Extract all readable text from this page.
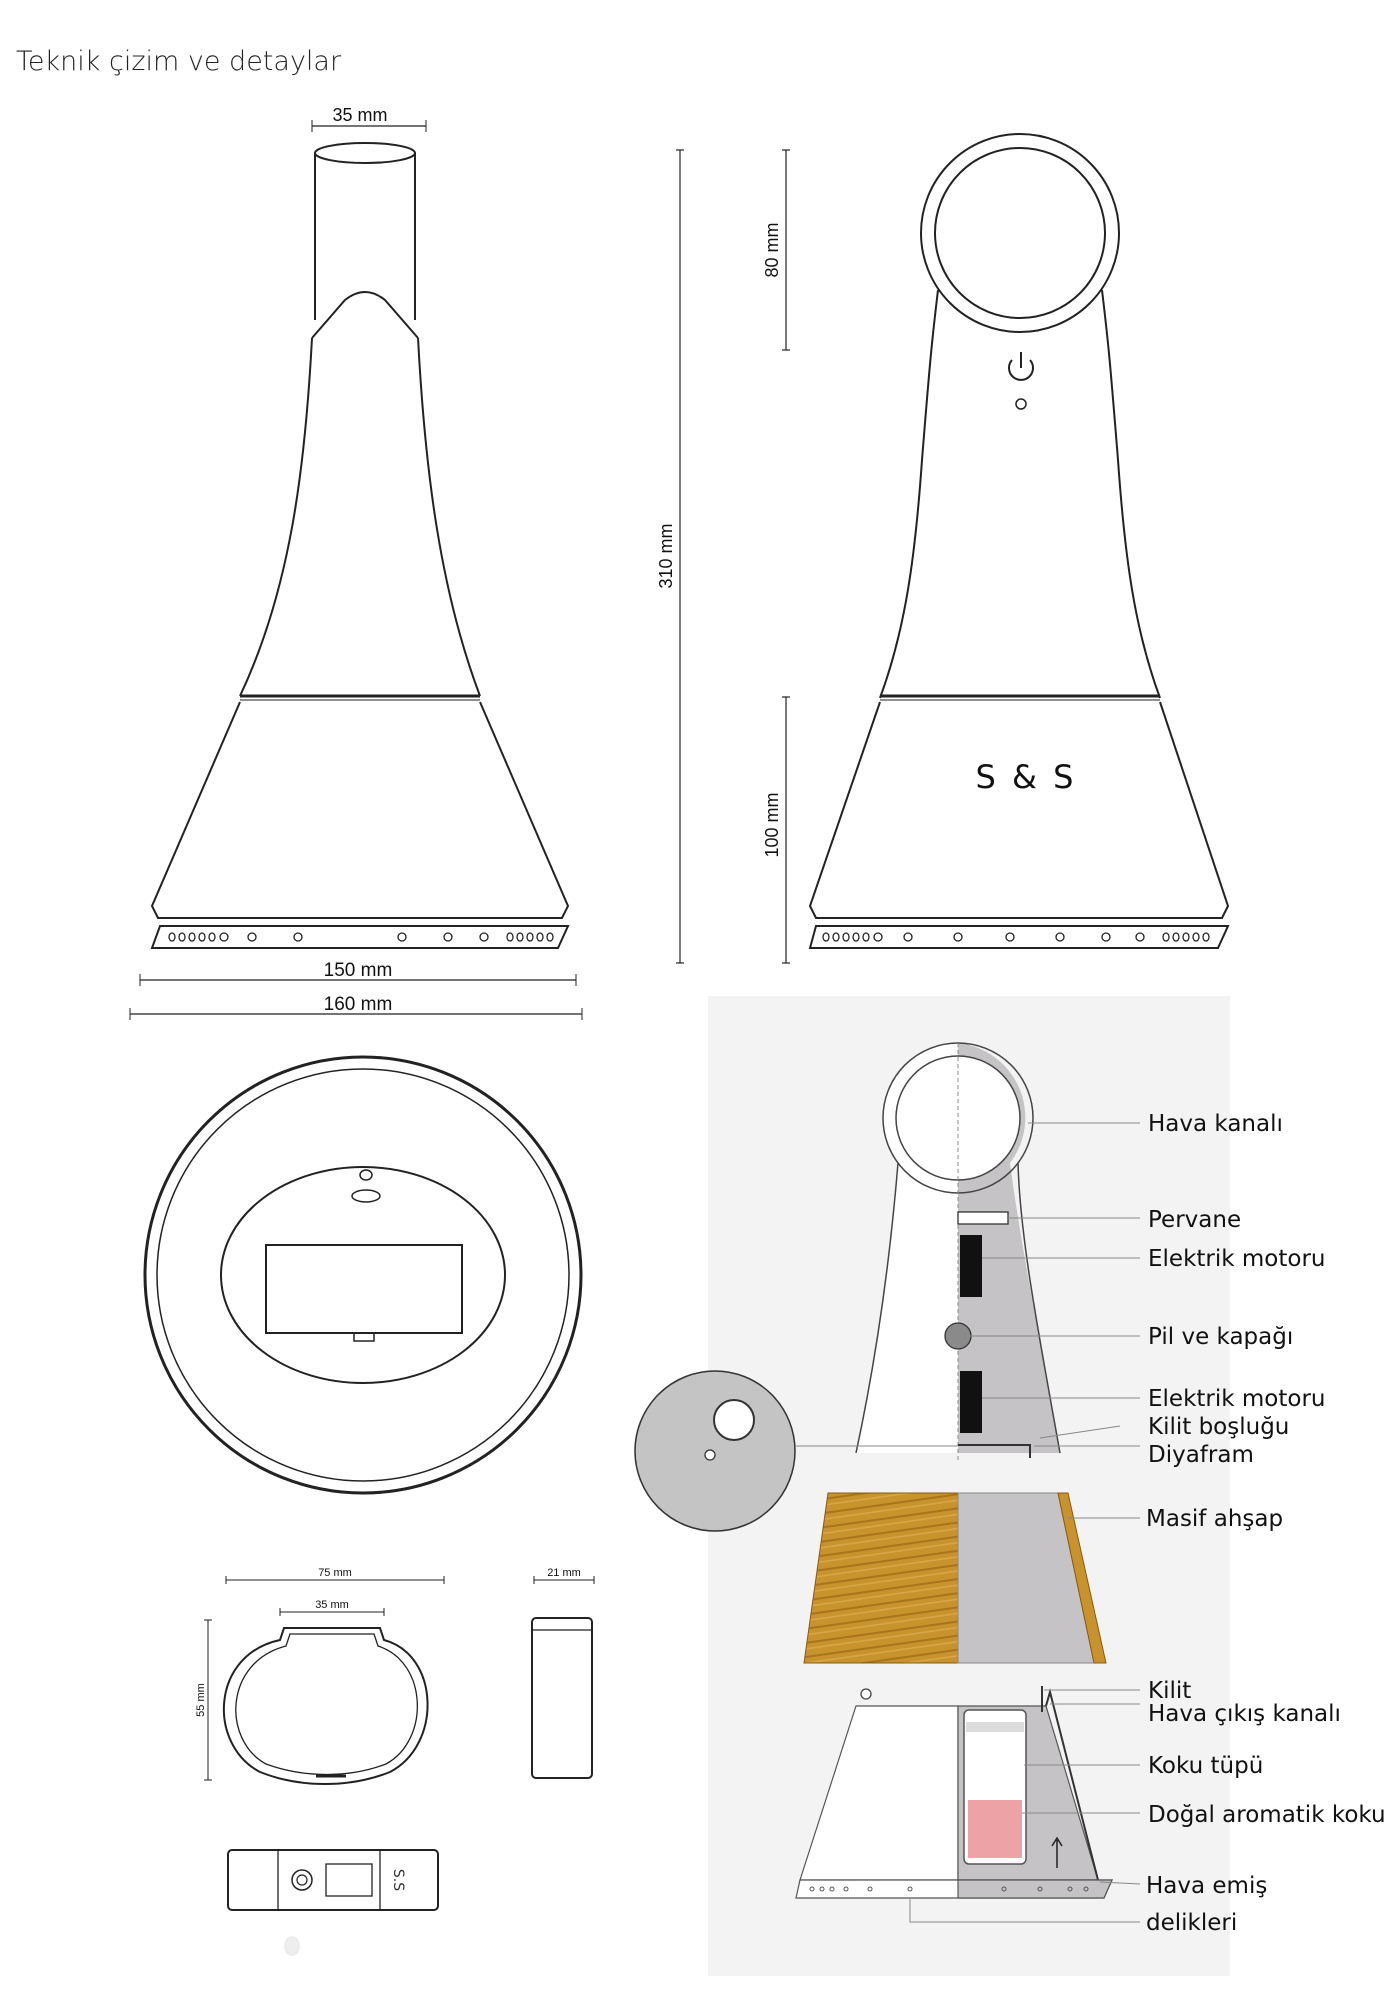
Teknik çizim ve detaylar
35 mm
150 mm
160 mm
310 mm
80 mm
100 mm
S & S
75 mm
35 mm
55 mm
21 mm
S.S
Hava kanalı
Pervane
Elektrik motoru
Pil ve kapağı
Elektrik motoru
Kilit boşluğu
Diyafram
Masif ahşap
Kilit
Hava çıkış kanalı
Koku tüpü
Doğal aromatik koku
Hava emiş
delikleri
